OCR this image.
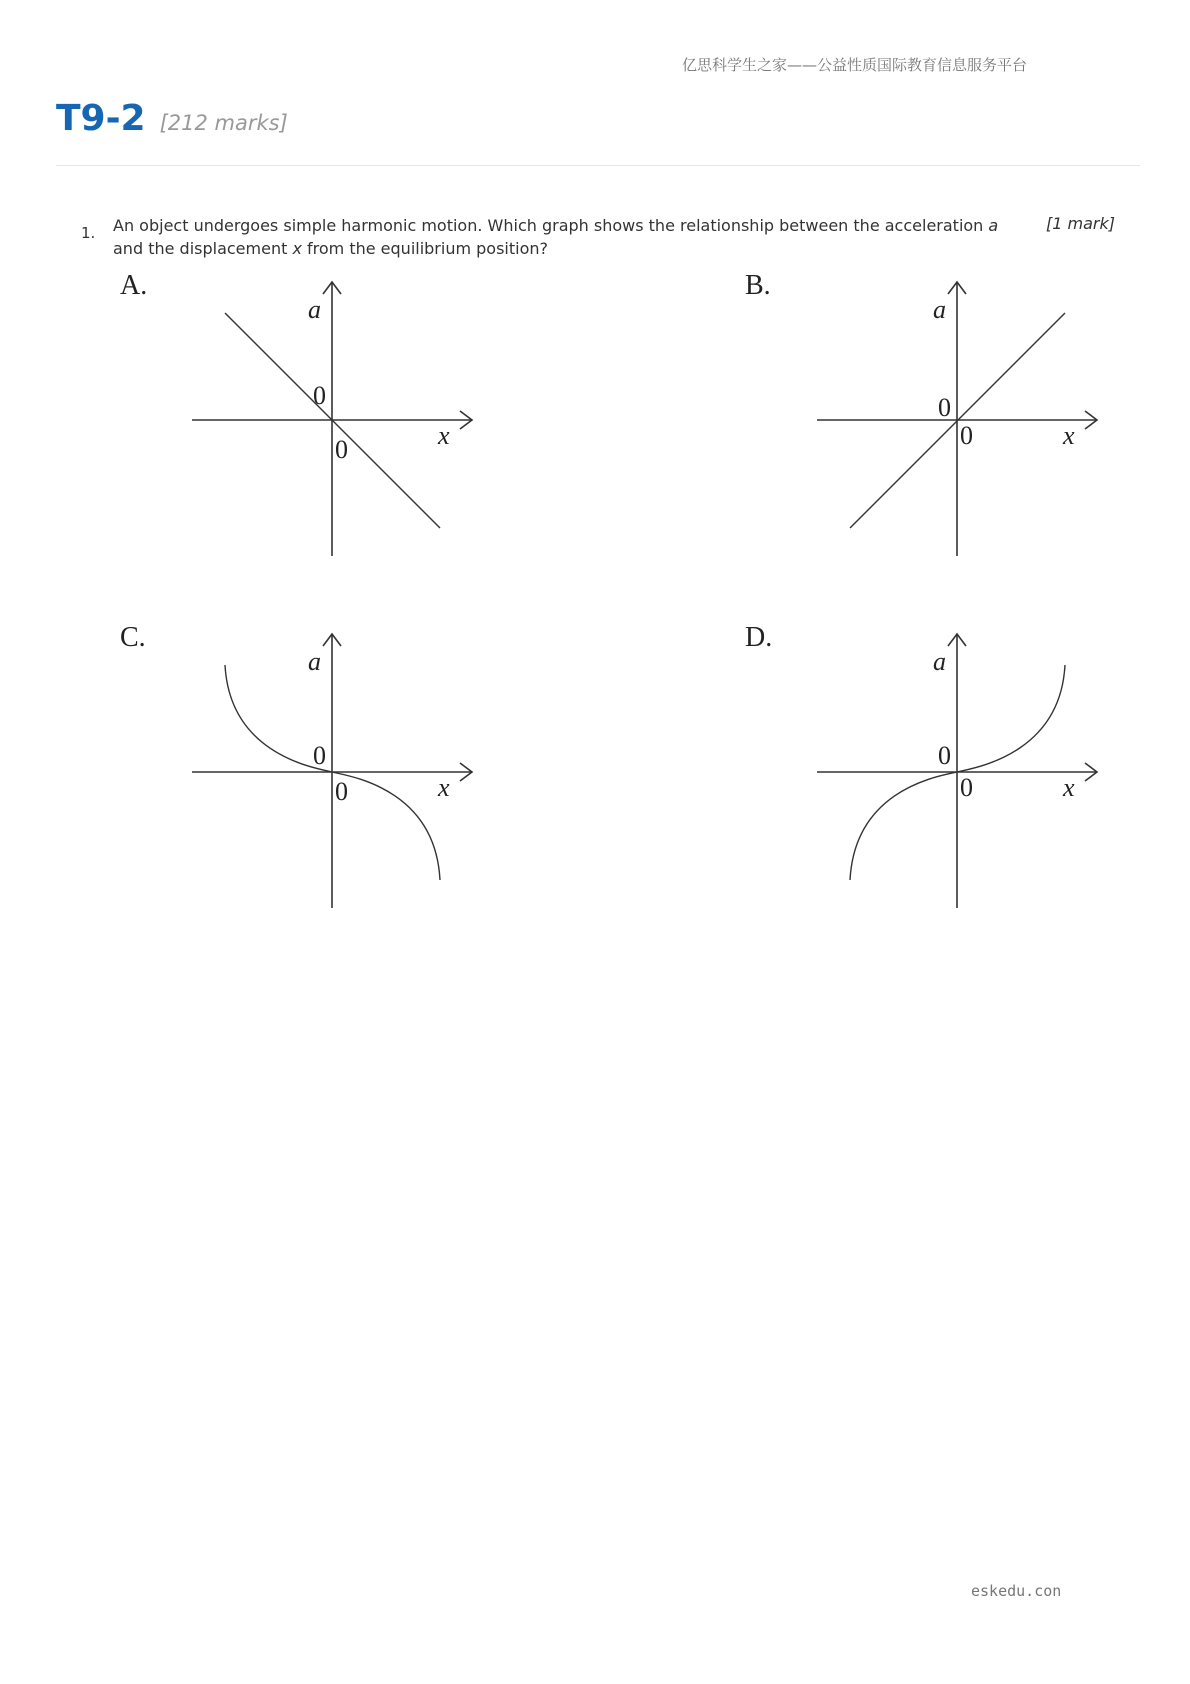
亿思科学生之家——公益性质国际教育信息服务平台
T9-2 [212 marks]
1. An object undergoes simple harmonic motion. Which graph shows the relationship between the acceleration a and the displacement x from the equilibrium position?
[1 mark]
A.
a
x
0
0
B.
a
x
0
0
C.
a
x
0
0
D.
a
x
0
0
eskedu.con
